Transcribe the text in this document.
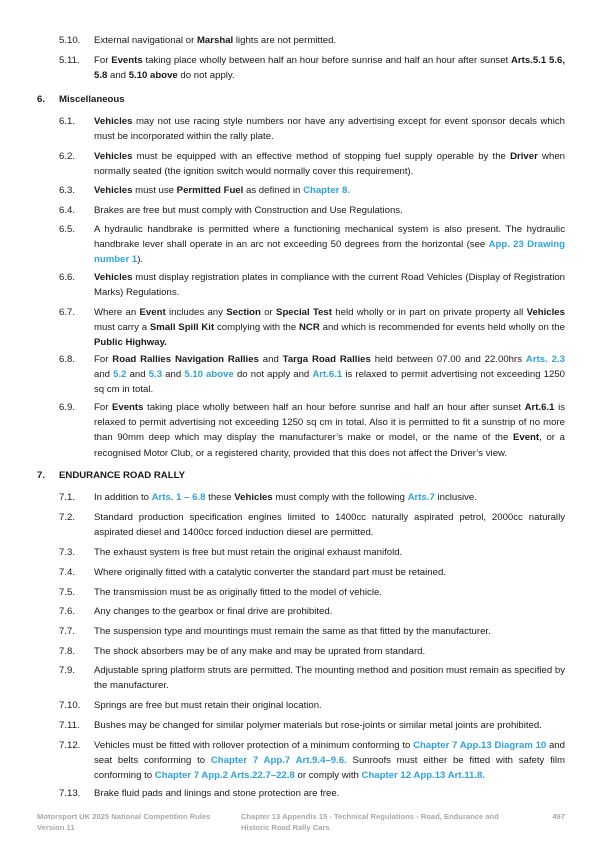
5.10.	External navigational or Marshal lights are not permitted.
5.11.	For Events taking place wholly between half an hour before sunrise and half an hour after sunset Arts.5.1 5.6, 5.8 and 5.10 above do not apply.
6. Miscellaneous
6.1.	Vehicles may not use racing style numbers nor have any advertising except for event sponsor decals which must be incorporated within the rally plate.
6.2.	Vehicles must be equipped with an effective method of stopping fuel supply operable by the Driver when normally seated (the ignition switch would normally cover this requirement).
6.3.	Vehicles must use Permitted Fuel as defined in Chapter 8.
6.4.	Brakes are free but must comply with Construction and Use Regulations.
6.5.	A hydraulic handbrake is permitted where a functioning mechanical system is also present. The hydraulic handbrake lever shall operate in an arc not exceeding 50 degrees from the horizontal (see App. 23 Drawing number 1).
6.6.	Vehicles must display registration plates in compliance with the current Road Vehicles (Display of Registration Marks) Regulations.
6.7.	Where an Event includes any Section or Special Test held wholly or in part on private property all Vehicles must carry a Small Spill Kit complying with the NCR and which is recommended for events held wholly on the Public Highway.
6.8.	For Road Rallies Navigation Rallies and Targa Road Rallies held between 07.00 and 22.00hrs Arts. 2.3 and 5.2 and 5.3 and 5.10 above do not apply and Art.6.1 is relaxed to permit advertising not exceeding 1250 sq cm in total.
6.9.	For Events taking place wholly between half an hour before sunrise and half an hour after sunset Art.6.1 is relaxed to permit advertising not exceeding 1250 sq cm in total. Also it is permitted to fit a sunstrip of no more than 90mm deep which may display the manufacturer’s make or model, or the name of the Event, or a recognised Motor Club, or a registered charity, provided that this does not affect the Driver’s view.
7. ENDURANCE ROAD RALLY
7.1.	In addition to Arts. 1 – 6.8 these Vehicles must comply with the following Arts.7 inclusive.
7.2.	Standard production specification engines limited to 1400cc naturally aspirated petrol, 2000cc naturally aspirated diesel and 1400cc forced induction diesel are permitted.
7.3.	The exhaust system is free but must retain the original exhaust manifold.
7.4.	Where originally fitted with a catalytic converter the standard part must be retained.
7.5.	The transmission must be as originally fitted to the model of vehicle.
7.6.	Any changes to the gearbox or final drive are prohibited.
7.7.	The suspension type and mountings must remain the same as that fitted by the manufacturer.
7.8.	The shock absorbers may be of any make and may be uprated from standard.
7.9.	Adjustable spring platform struts are permitted. The mounting method and position must remain as specified by the manufacturer.
7.10.	Springs are free but must retain their original location.
7.11.	Bushes may be changed for similar polymer materials but rose-joints or similar metal joints are prohibited.
7.12.	Vehicles must be fitted with rollover protection of a minimum conforming to Chapter 7 App.13 Diagram 10 and seat belts conforming to Chapter 7 App.7 Art.9.4–9.6. Sunroofs must either be fitted with safety film conforming to Chapter 7 App.2 Arts.22.7–22.8 or comply with Chapter 12 App.13 Art.11.8.
7.13.	Brake fluid pads and linings and stone protection are free.
Motorsport UK 2025 National Competition Rules
Version 11
Chapter 13 Appendix 15 - Technical Regulations - Road, Endurance and
Historic Road Rally Cars
497
